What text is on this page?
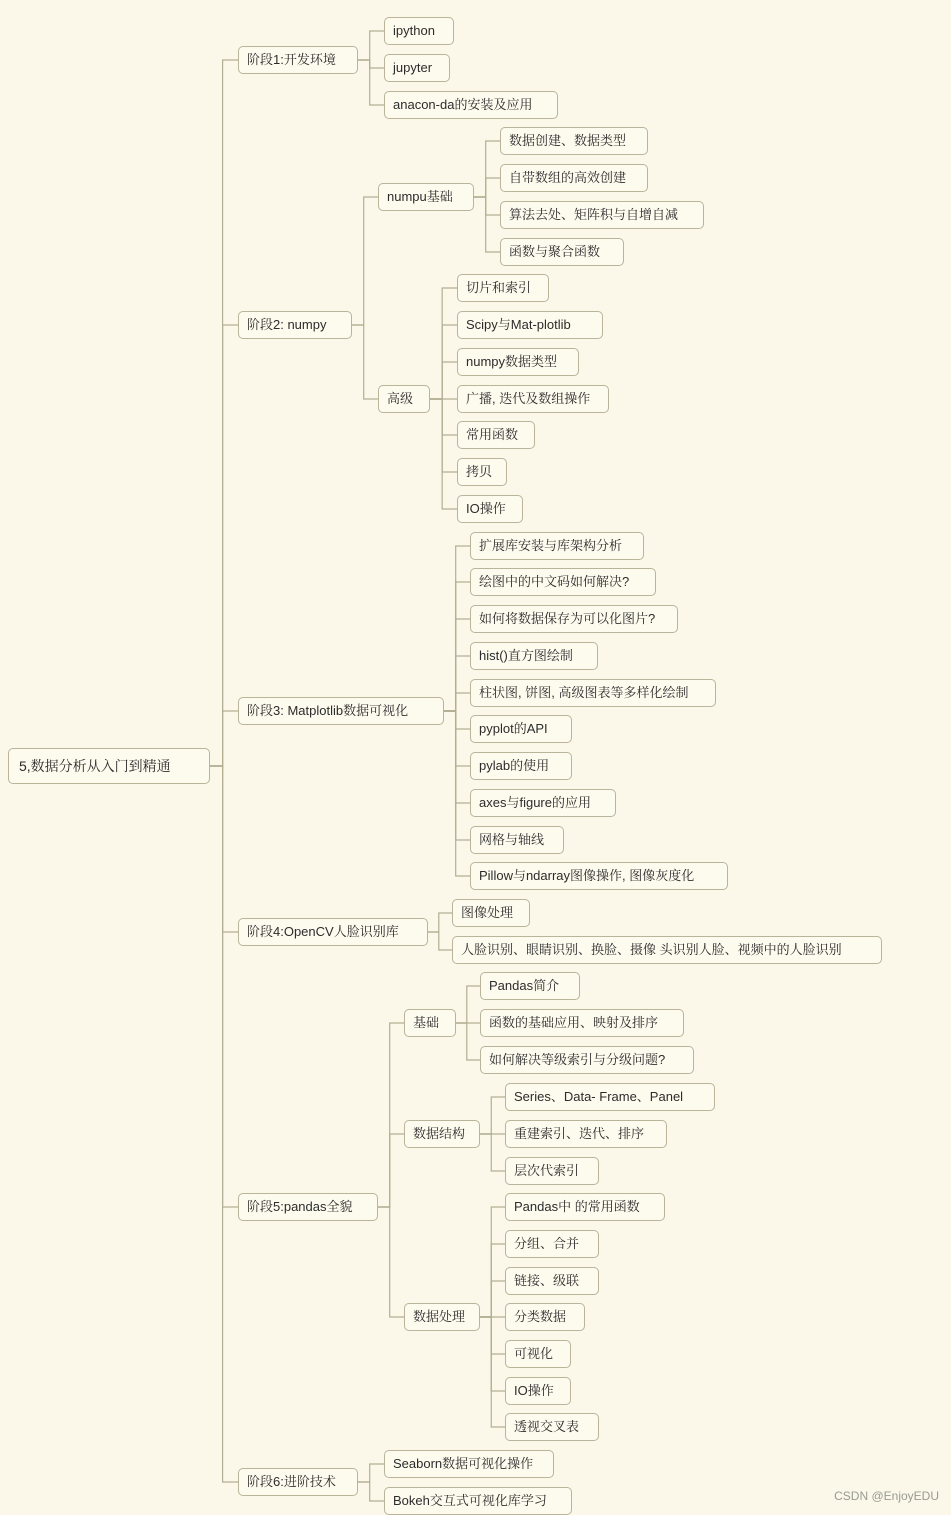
5,数据分析从入门到精通
阶段1:开发环境
ipython
jupyter
anacon-da的安装及应用
阶段2: numpy
numpu基础
数据创建、数据类型
自带数组的高效创建
算法去处、矩阵积与自增自减
函数与聚合函数
高级
切片和索引
Scipy与Mat-plotlib
numpy数据类型
广播, 迭代及数组操作
常用函数
拷贝
IO操作
阶段3: Matplotlib数据可视化
扩展库安装与库架构分析
绘图中的中文码如何解决?
如何将数据保存为可以化图片?
hist()直方图绘制
柱状图, 饼图, 高级图表等多样化绘制
pyplot的API
pylab的使用
axes与figure的应用
网格与轴线
Pillow与ndarray图像操作, 图像灰度化
阶段4:OpenCV人脸识别库
图像处理
人脸识别、眼睛识别、换脸、摄像 头识别人脸、视频中的人脸识别
阶段5:pandas全貌
基础
Pandas简介
函数的基础应用、映射及排序
如何解决等级索引与分级问题?
数据结构
Series、Data- Frame、Panel
重建索引、迭代、排序
层次代索引
数据处理
Pandas中 的常用函数
分组、合并
链接、级联
分类数据
可视化
IO操作
透视交叉表
阶段6:进阶技术
Seaborn数据可视化操作
Bokeh交互式可视化库学习	CSDN @EnjoyEDU
